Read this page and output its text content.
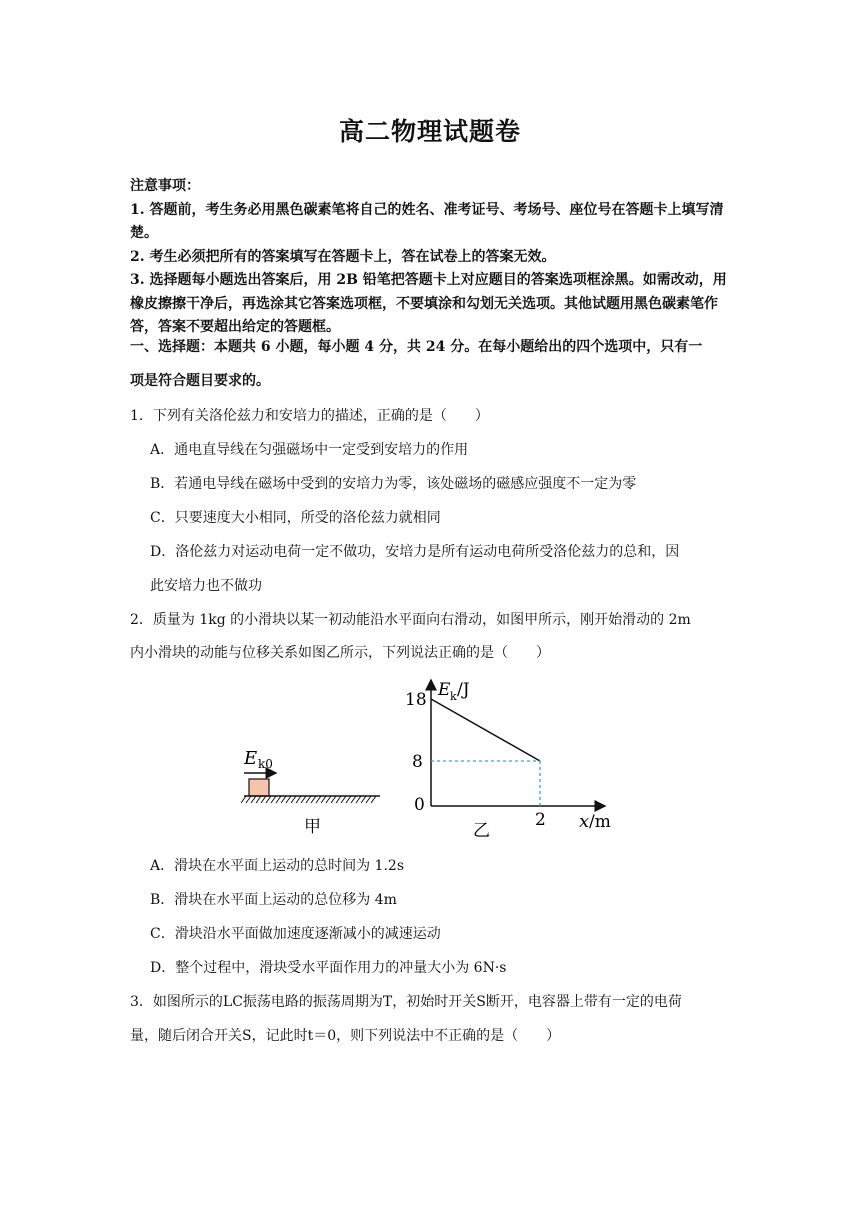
高二物理试题卷
注意事项：
1. 答题前，考生务必用黑色碳素笔将自己的姓名、准考证号、考场号、座位号在答题卡上填写清楚。
2. 考生必须把所有的答案填写在答题卡上，答在试卷上的答案无效。
3. 选择题每小题选出答案后，用 2B 铅笔把答题卡上对应题目的答案选项框涂黑。如需改动，用橡皮擦擦干净后，再选涂其它答案选项框，不要填涂和勾划无关选项。其他试题用黑色碳素笔作答，答案不要超出给定的答题框。
一、选择题：本题共 6 小题，每小题 4 分，共 24 分。在每小题给出的四个选项中，只有一
项是符合题目要求的。
1．下列有关洛伦兹力和安培力的描述，正确的是（　　）
A．通电直导线在匀强磁场中一定受到安培力的作用
B．若通电导线在磁场中受到的安培力为零，该处磁场的磁感应强度不一定为零
C．只要速度大小相同，所受的洛伦兹力就相同
D．洛伦兹力对运动电荷一定不做功，安培力是所有运动电荷所受洛伦兹力的总和，因
此安培力也不做功
2．质量为 1kg 的小滑块以某一初动能沿水平面向右滑动，如图甲所示，刚开始滑动的 2m
内小滑块的动能与位移关系如图乙所示，下列说法正确的是（　　）
E k0
甲
E k /J
18
8
0
2 x /m
乙
A．滑块在水平面上运动的总时间为 1.2s
B．滑块在水平面上运动的总位移为 4m
C．滑块沿水平面做加速度逐渐减小的减速运动
D．整个过程中，滑块受水平面作用力的冲量大小为 6N·s
3．如图所示的LC振荡电路的振荡周期为T，初始时开关S断开，电容器上带有一定的电荷
量，随后闭合开关S，记此时t＝0，则下列说法中不正确的是（　　）
